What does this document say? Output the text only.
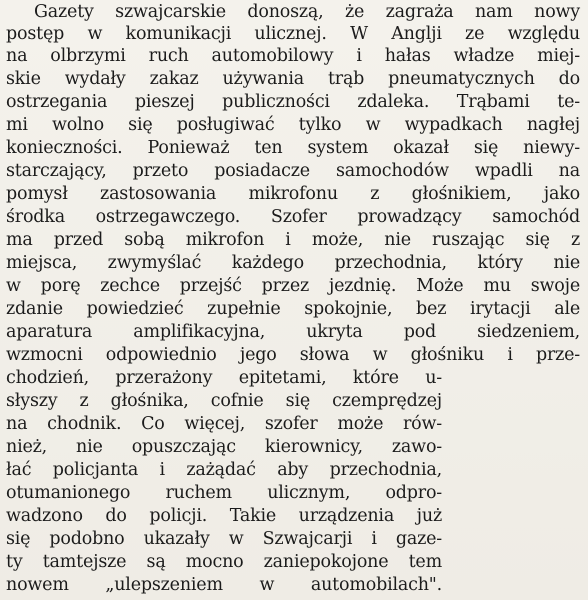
Gazety szwajcarskie donoszą, że zagraża nam nowy
postęp w komunikacji ulicznej. W Anglji ze względu
na olbrzymi ruch automobilowy i hałas władze miej-
skie wydały zakaz używania trąb pneumatycznych do
ostrzegania pieszej publiczności zdaleka. Trąbami te-
mi wolno się posługiwać tylko w wypadkach nagłej
konieczności. Ponieważ ten system okazał się niewy-
starczający, przeto posiadacze samochodów wpadli na
pomysł zastosowania mikrofonu z głośnikiem, jako
środka ostrzegawczego. Szofer prowadzący samochód
ma przed sobą mikrofon i może, nie ruszając się z
miejsca, zwymyślać każdego przechodnia, który nie
w porę zechce przejść przez jezdnię. Może mu swoje
zdanie powiedzieć zupełnie spokojnie, bez irytacji ale
aparatura amplifikacyjna, ukryta pod siedzeniem,
wzmocni odpowiednio jego słowa w głośniku i prze-
chodzień, przerażony epitetami, które u-
słyszy z głośnika, cofnie się czemprędzej
na chodnik. Co więcej, szofer może rów-
nież, nie opuszczając kierownicy, zawo-
łać policjanta i zażądać aby przechodnia,
otumanionego ruchem ulicznym, odpro-
wadzono do policji. Takie urządzenia już
się podobno ukazały w Szwajcarji i gaze-
ty tamtejsze są mocno zaniepokojone tem
nowem „ulepszeniem w automobilach".
